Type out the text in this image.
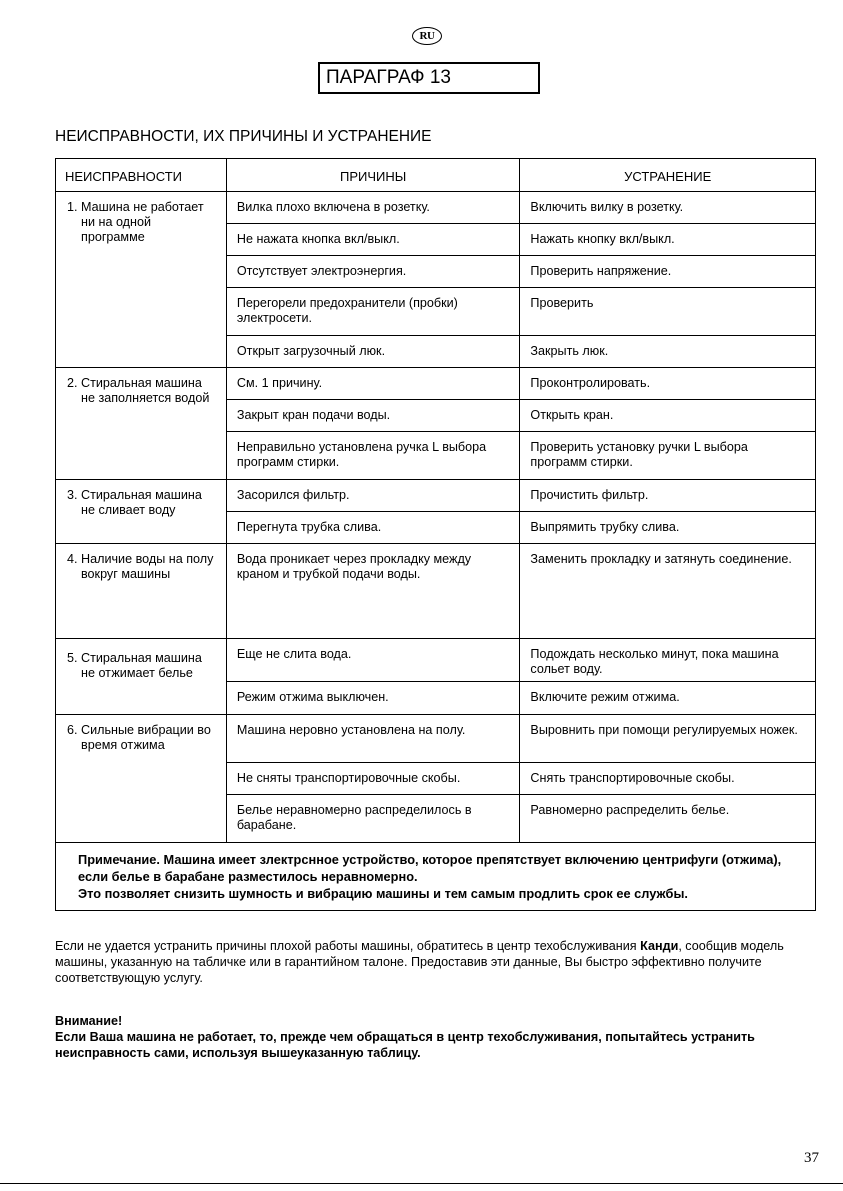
RU
ПАРАГРАФ 13
НЕИСПРАВНОСТИ, ИХ ПРИЧИНЫ И УСТРАНЕНИЕ
НЕИСПРАВНОСТИ	ПРИЧИНЫ	УСТРАНЕНИЕ

1. Машина не работает ни на одной программе	Вилка плохо включена в розетку.	Включить вилку в розетку.
	Не нажата кнопка вкл/выкл.	Нажать кнопку вкл/выкл.
	Отсутствует электроэнергия.	Проверить напряжение.
	Перегорели предохранители (пробки) электросети.	Проверить
	Открыт загрузочный люк.	Закрыть люк.

2. Стиральная машина не заполняется водой	См. 1 причину.	Проконтролировать.
	Закрыт кран подачи воды.	Открыть кран.
	Неправильно установлена ручка L выбора программ стирки.	Проверить установку ручки L выбора программ стирки.

3. Стиральная машина не сливает воду	Засорился фильтр.	Прочистить фильтр.
	Перегнута трубка слива.	Выпрямить трубку слива.

4. Наличие воды на полу вокруг машины	Вода проникает через прокладку между краном и трубкой подачи воды.	Заменить прокладку и затянуть соединение.

5. Стиральная машина не отжимает белье	Еще не слита вода.	Подождать несколько минут, пока машина сольет воду.
	Режим отжима выключен.	Включите режим отжима.

6. Сильные вибрации во время отжима	Машина неровно установлена на полу.	Выровнить при помощи регулируемых ножек.
	Не сняты транспортировочные скобы.	Снять транспортировочные скобы.
	Белье неравномерно распределилось в барабане.	Равномерно распределить белье.

Примечание. Машина имеет злектрсннoe устройство, которое препятствует включению центрифуги (отжима), если белье в барабане разместилось неравномерно.
Это позволяет снизить шумность и вибрацию машины и тем самым продлить срок ее службы.		
Если не удается устранить причины плохой работы машины, обратитесь в центр техобслуживания Канди, сообщив модель машины, указанную на табличке или в гарантийном талоне. Предоставив эти данные, Вы быстро эффективно получите соответствующую услугу.
Внимание!
Если Ваша машина не работает, то, прежде чем обращаться в центр техобслуживания, попытайтесь устранить неисправность сами, используя вышеуказанную таблицу.
37
